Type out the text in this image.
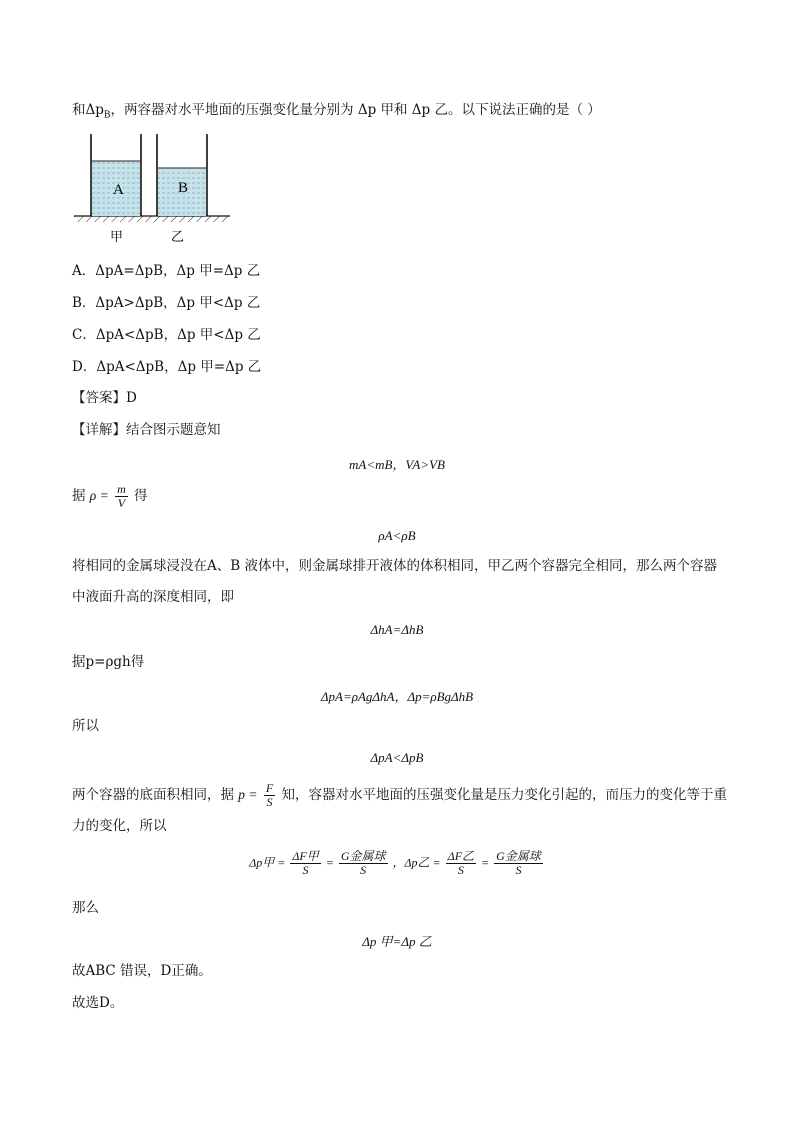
和$\Delta p_B$，两容器对水平地面的压强变化量分别为 Δp 甲和 Δp 乙。以下说法正确的是（ ）
A	B
甲	乙
A．ΔpA=ΔpB，Δp 甲=Δp 乙
B．ΔpA>ΔpB，Δp 甲<Δp 乙
C．ΔpA<ΔpB，Δp 甲<Δp 乙
D．ΔpA<ΔpB，Δp 甲=Δp 乙
【答案】D
【详解】结合图示题意知
mA<mB，VA>VB
据 $\rho = \frac{m}{V}$ 得
ρA<ρB
将相同的金属球浸没在A、B 液体中，则金属球排开液体的体积相同，甲乙两个容器完全相同，那么两个容器中液面升高的深度相同，即
ΔhA=ΔhB
据p=ρgh得
ΔpA=ρAgΔhA，Δp=ρBgΔhB
所以
ΔpA<ΔpB
两个容器的底面积相同，据 $p = \frac{F}{S}$ 知，容器对水平地面的压强变化量是压力变化引起的，而压力的变化等于重力的变化，所以
Δp甲 = $\frac{\text{ΔF甲}}{S} = \frac{\text{G金属球}}{S}$ ，Δp乙 = $\frac{\text{ΔF乙}}{S} = \frac{\text{G金属球}}{S}$
那么
Δp 甲=Δp 乙
故ABC 错误，D正确。
故选D。
